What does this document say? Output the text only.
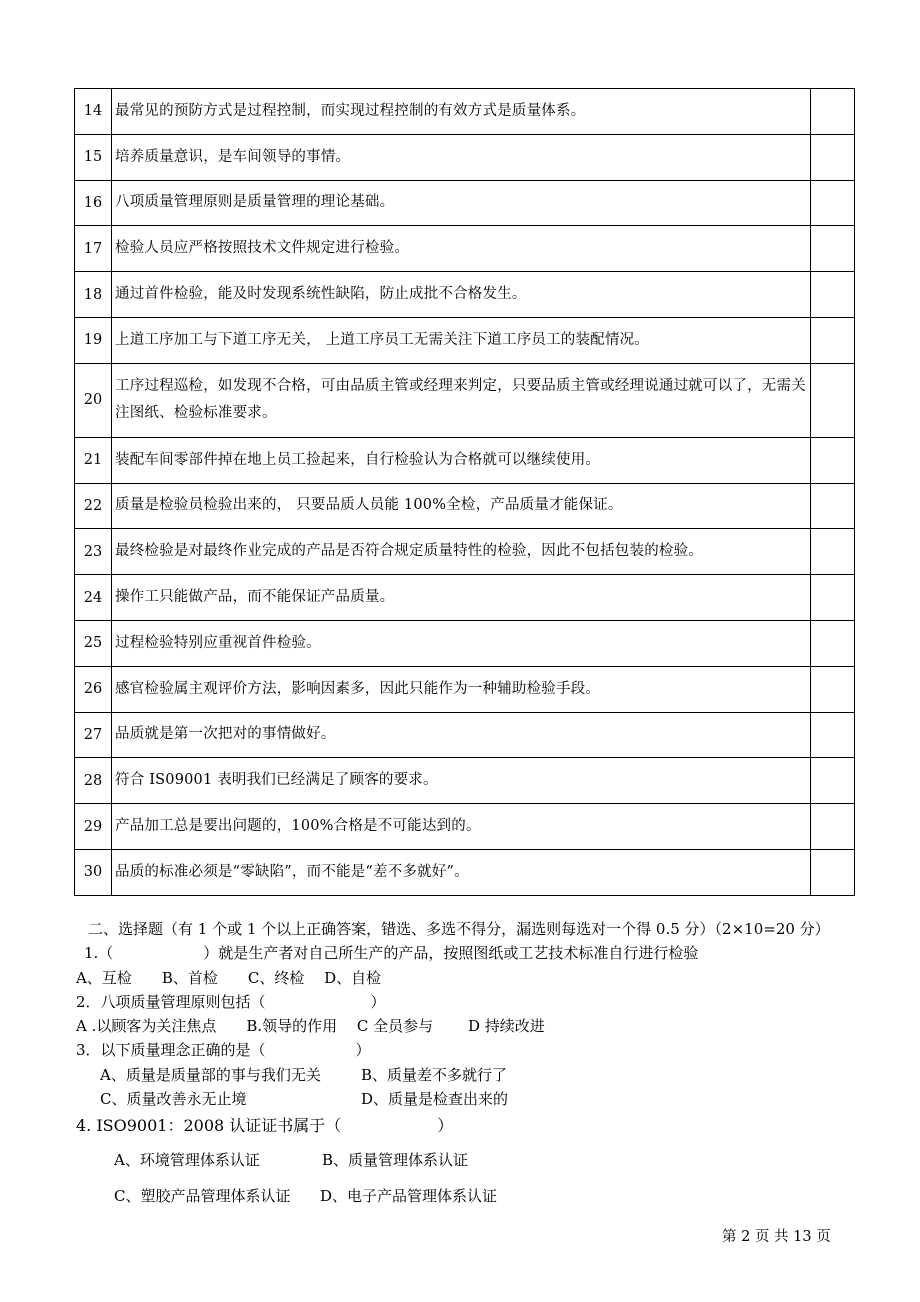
14	最常见的预防方式是过程控制，而实现过程控制的有效方式是质量体系。	
15	培养质量意识，是车间领导的事情。	
16	八项质量管理原则是质量管理的理论基础。	
17	检验人员应严格按照技术文件规定进行检验。	
18	通过首件检验，能及时发现系统性缺陷，防止成批不合格发生。	
19	上道工序加工与下道工序无关， 上道工序员工无需关注下道工序员工的装配情况。	
20	工序过程巡检，如发现不合格，可由品质主管或经理来判定，只要品质主管或经理说通过就可以了，无需关注图纸、检验标准要求。	
21	装配车间零部件掉在地上员工捡起来，自行检验认为合格就可以继续使用。	
22	质量是检验员检验出来的， 只要品质人员能 100%全检，产品质量才能保证。	
23	最终检验是对最终作业完成的产品是否符合规定质量特性的检验，因此不包括包装的检验。	
24	操作工只能做产品，而不能保证产品质量。	
25	过程检验特别应重视首件检验。	
26	感官检验属主观评价方法，影响因素多，因此只能作为一种辅助检验手段。	
27	品质就是第一次把对的事情做好。	
28	符合 IS09001 表明我们已经满足了顾客的要求。	
29	产品加工总是要出问题的，100%合格是不可能达到的。	
30	品质的标准必须是“零缺陷”，而不能是“差不多就好”。	
二、选择题（有 1 个或 1 个以上正确答案，错选、多选不得分，漏选则每选对一个得 0.5 分）（2×10=20 分）
1.（　　　　　　）就是生产者对自己所生产的产品，按照图纸或工艺技术标准自行进行检验
A、互检　　B、首检　　C、终检　 D、自检
2．八项质量管理原则包括（　　　　　　　）
A .以顾客为关注焦点　　B.领导的作用　 C 全员参与　　 D 持续改进
3．以下质量理念正确的是（　　　　　　）
A、质量是质量部的事与我们无关	B、质量差不多就行了
C、质量改善永无止境	D、质量是检查出来的
4. ISO9001：2008 认证证书属于（　　　　　　）
A、环境管理体系认证	B、质量管理体系认证
C、塑胶产品管理体系认证 D、电子产品管理体系认证
第 2 页 共 13 页
